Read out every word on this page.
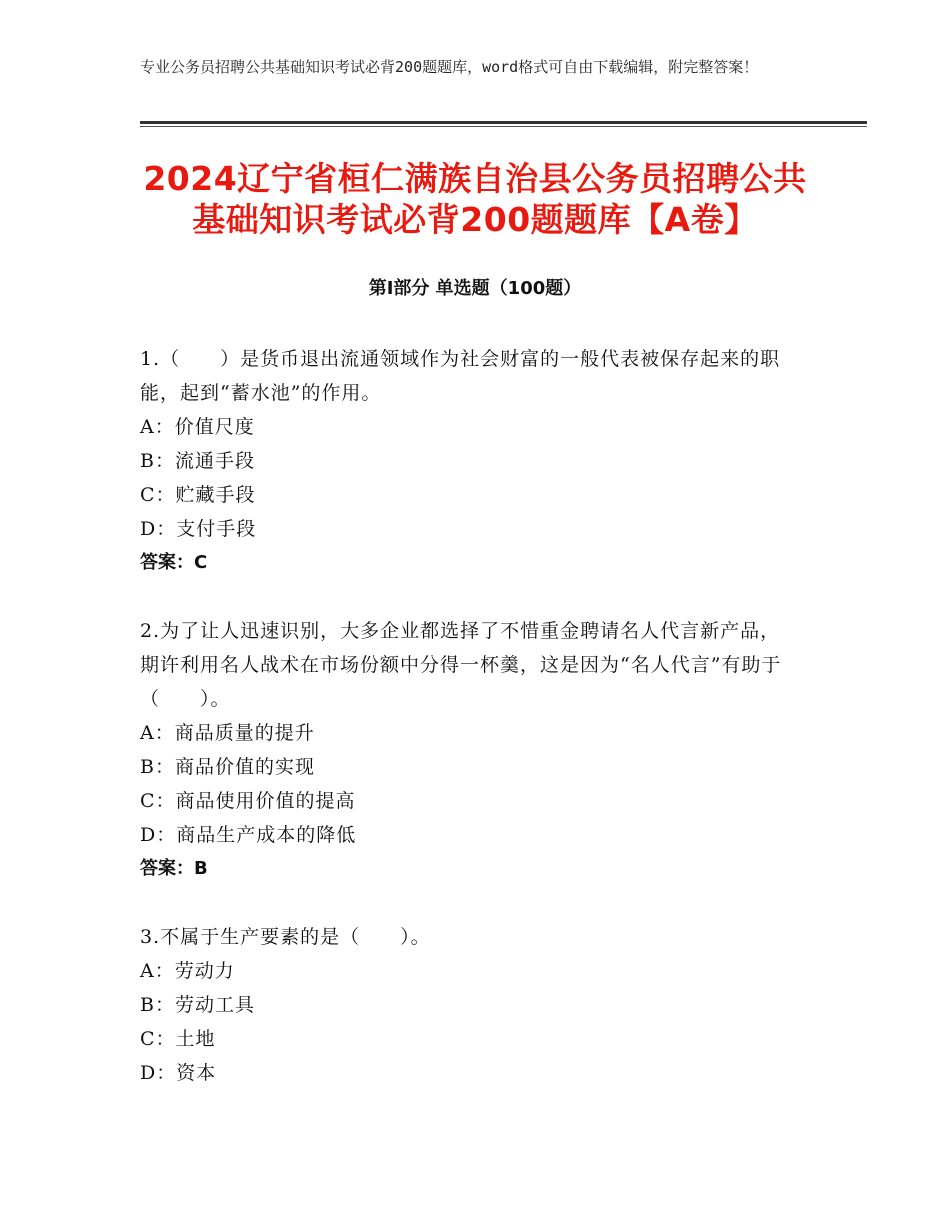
专业公务员招聘公共基础知识考试必背200题题库，word格式可自由下载编辑，附完整答案！
2024辽宁省桓仁满族自治县公务员招聘公共
基础知识考试必背200题题库【A卷】
第Ⅰ部分 单选题（100题）

1.（　　）是货币退出流通领域作为社会财富的一般代表被保存起来的职能，起到“蓄水池”的作用。

A：价值尺度

B：流通手段

C：贮藏手段

D：支付手段

答案：C

2.为了让人迅速识别，大多企业都选择了不惜重金聘请名人代言新产品，期许利用名人战术在市场份额中分得一杯羹，这是因为“名人代言”有助于（　　）。

A：商品质量的提升

B：商品价值的实现

C：商品使用价值的提高

D：商品生产成本的降低

答案：B

3.不属于生产要素的是（　　）。

A：劳动力

B：劳动工具

C：土地

D：资本
